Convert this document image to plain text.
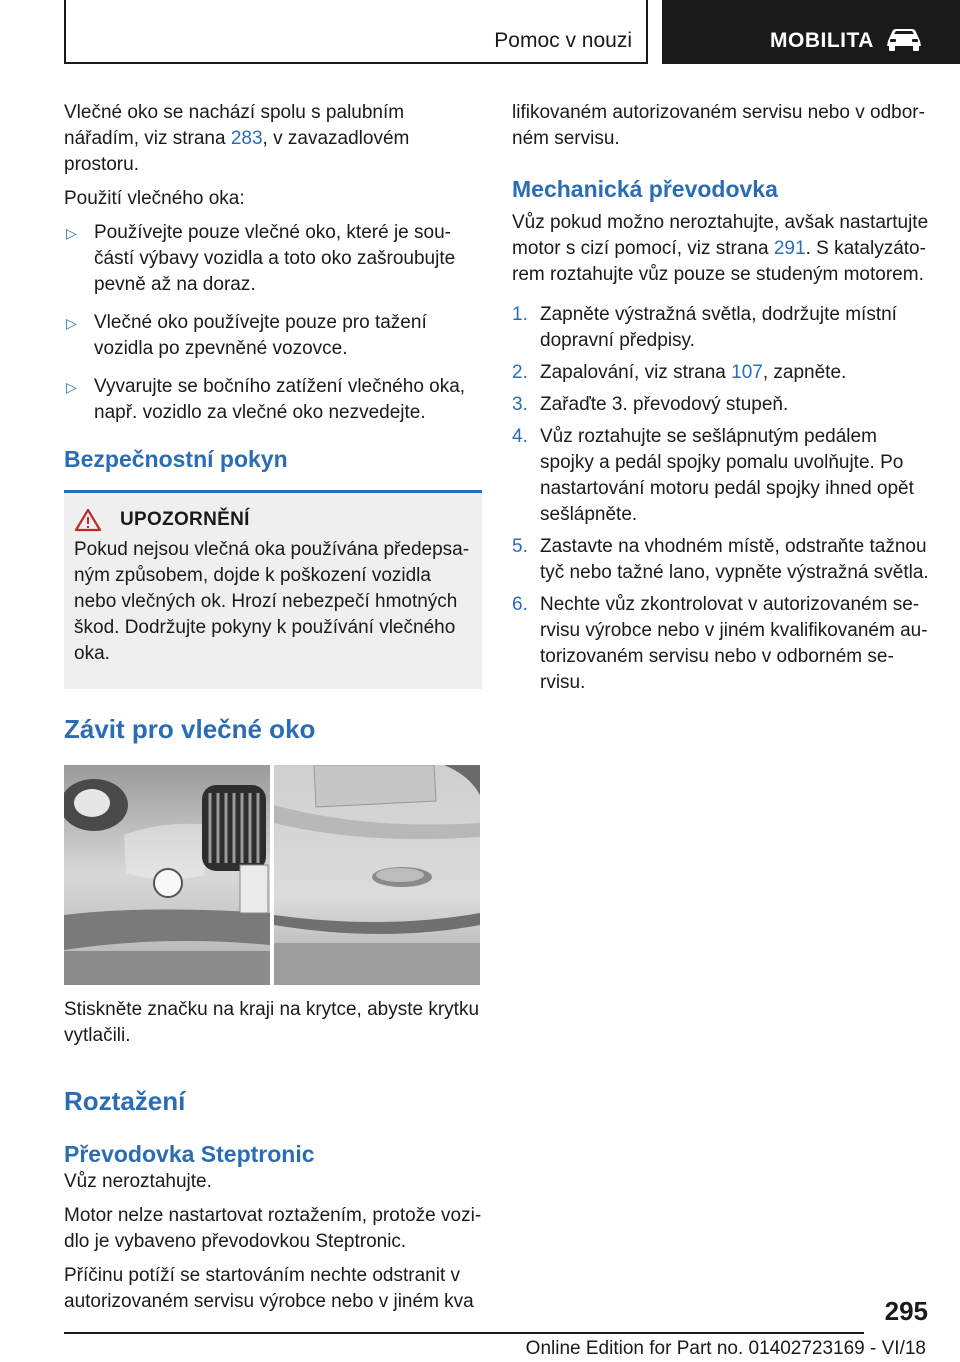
Pomoc v nouzi	MOBILITA

Vlečné oko se nachází spolu s palubním nářadím, viz strana 283, v zavazadlovém prostoru.

Použití vlečného oka:

▷ Používejte pouze vlečné oko, které je součástí výbavy vozidla a toto oko zašroubujte pevně až na doraz.
▷ Vlečné oko používejte pouze pro tažení vozidla po zpevněné vozovce.
▷ Vyvarujte se bočního zatížení vlečného oka, např. vozidlo za vlečné oko nezvedejte.
Bezpečnostní pokyn
UPOZORNĚNÍ
Pokud nejsou vlečná oka používána předepsaným způsobem, dojde k poškození vozidla nebo vlečných ok. Hrozí nebezpečí hmotných škod. Dodržujte pokyny k používání vlečného oka.
Závit pro vlečné oko

Stiskněte značku na kraji na krytce, abyste krytku vytlačili.

Roztažení
Převodovka Steptronic

Vůz neroztahujte.

Motor nelze nastartovat roztažením, protože vozidlo je vybaveno převodovkou Steptronic.

Příčinu potíží se startováním nechte odstranit v autorizovaném servisu výrobce nebo v jiném kva

lifikovaném autorizovaném servisu nebo v odborném servisu.

Mechanická převodovka

Vůz pokud možno neroztahujte, avšak nastartujte motor s cizí pomocí, viz strana 291. S katalyzátorem roztahujte vůz pouze se studeným motorem.

1. Zapněte výstražná světla, dodržujte místní dopravní předpisy.
2. Zapalování, viz strana 107, zapněte.
3. Zařaďte 3. převodový stupeň.
4. Vůz roztahujte se sešlápnutým pedálem spojky a pedál spojky pomalu uvolňujte. Po nastartování motoru pedál spojky ihned opět sešlápněte.
5. Zastavte na vhodném místě, odstraňte tažnou tyč nebo tažné lano, vypněte výstražná světla.
6. Nechte vůz zkontrolovat v autorizovaném servisu výrobce nebo v jiném kvalifikovaném autorizovaném servisu nebo v odborném servisu.
295
Online Edition for Part no. 01402723169 - VI/18
